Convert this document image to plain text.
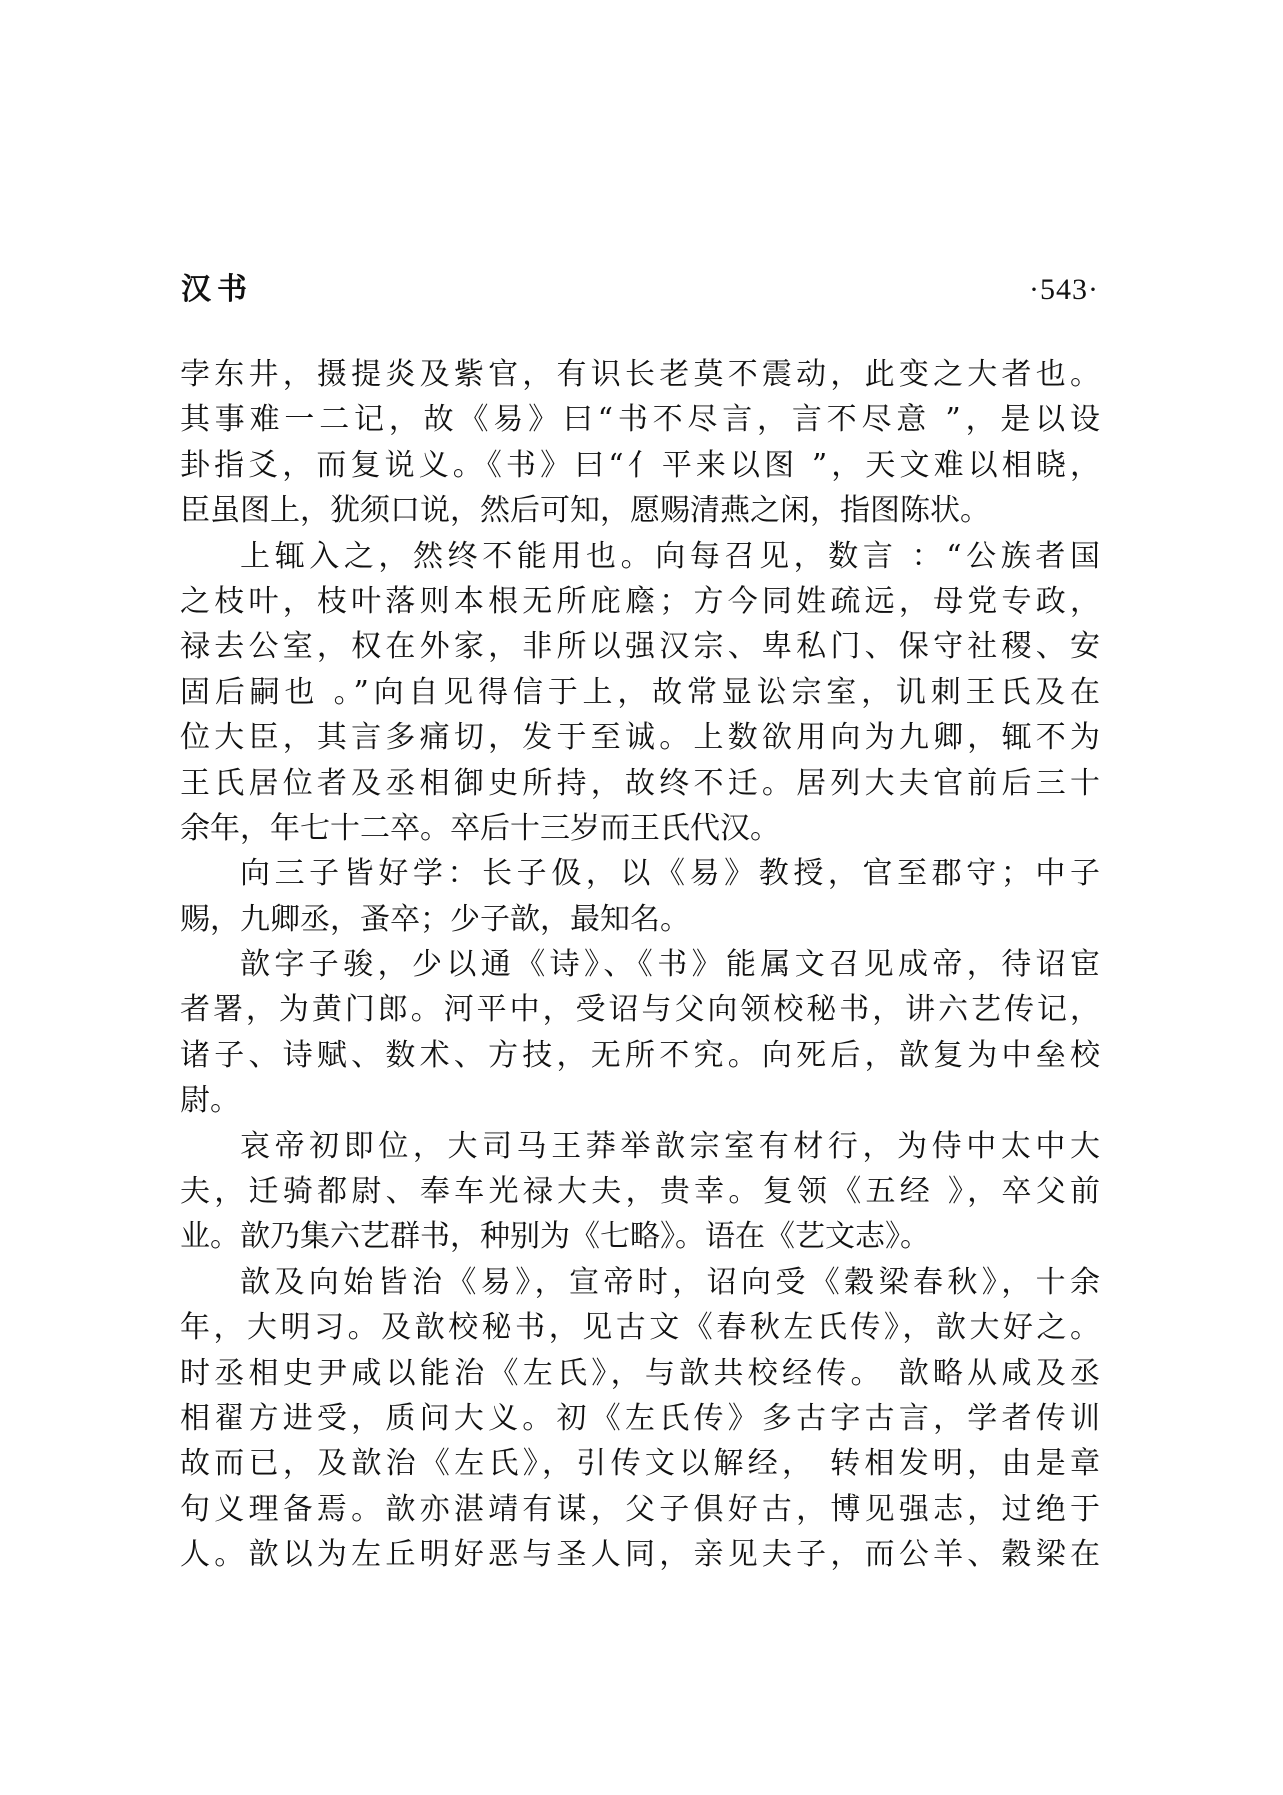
汉书	·543·
孛东井，摄提炎及紫官，有识长老莫不震动，此变之大者也。
其事难一二记，故《易》曰“书不尽言，言不尽意 ”，是以设
卦指爻，而复说义。《书》曰“亻平来以图 ”，天文难以相晓，
臣虽图上，犹须口说，然后可知，愿赐清燕之闲，指图陈状。
上辄入之，然终不能用也。向每召见，数言 ：“公族者国
之枝叶，枝叶落则本根无所庇廕；方今同姓疏远，母党专政，
禄去公室，权在外家，非所以强汉宗、卑私门、保守社稷、安
固后嗣也 。”向自见得信于上，故常显讼宗室，讥刺王氏及在
位大臣，其言多痛切，发于至诚。上数欲用向为九卿，辄不为
王氏居位者及丞相御史所持，故终不迁。居列大夫官前后三十
余年，年七十二卒。卒后十三岁而王氏代汉。
向三子皆好学：长子伋，以《易》教授，官至郡守；中子
赐，九卿丞，蚤卒；少子歆，最知名。
歆字子骏，少以通《诗》、《书》能属文召见成帝，待诏宦
者署，为黄门郎。河平中，受诏与父向领校秘书，讲六艺传记，
诸子、诗赋、数术、方技，无所不究。向死后，歆复为中垒校
尉。
哀帝初即位，大司马王莽举歆宗室有材行，为侍中太中大
夫，迁骑都尉、奉车光禄大夫，贵幸。复领《五经 》，卒父前
业。歆乃集六艺群书，种别为《七略》。语在《艺文志》。
歆及向始皆治《易》，宣帝时，诏向受《穀梁春秋》，十余
年，大明习。及歆校秘书，见古文《春秋左氏传》，歆大好之。
时丞相史尹咸以能治《左氏》，与歆共校经传。 歆略从咸及丞
相翟方进受，质问大义。初《左氏传》多古字古言，学者传训
故而已，及歆治《左氏》，引传文以解经， 转相发明，由是章
句义理备焉。歆亦湛靖有谋，父子俱好古，博见强志，过绝于
人。歆以为左丘明好恶与圣人同，亲见夫子，而公羊、穀梁在
